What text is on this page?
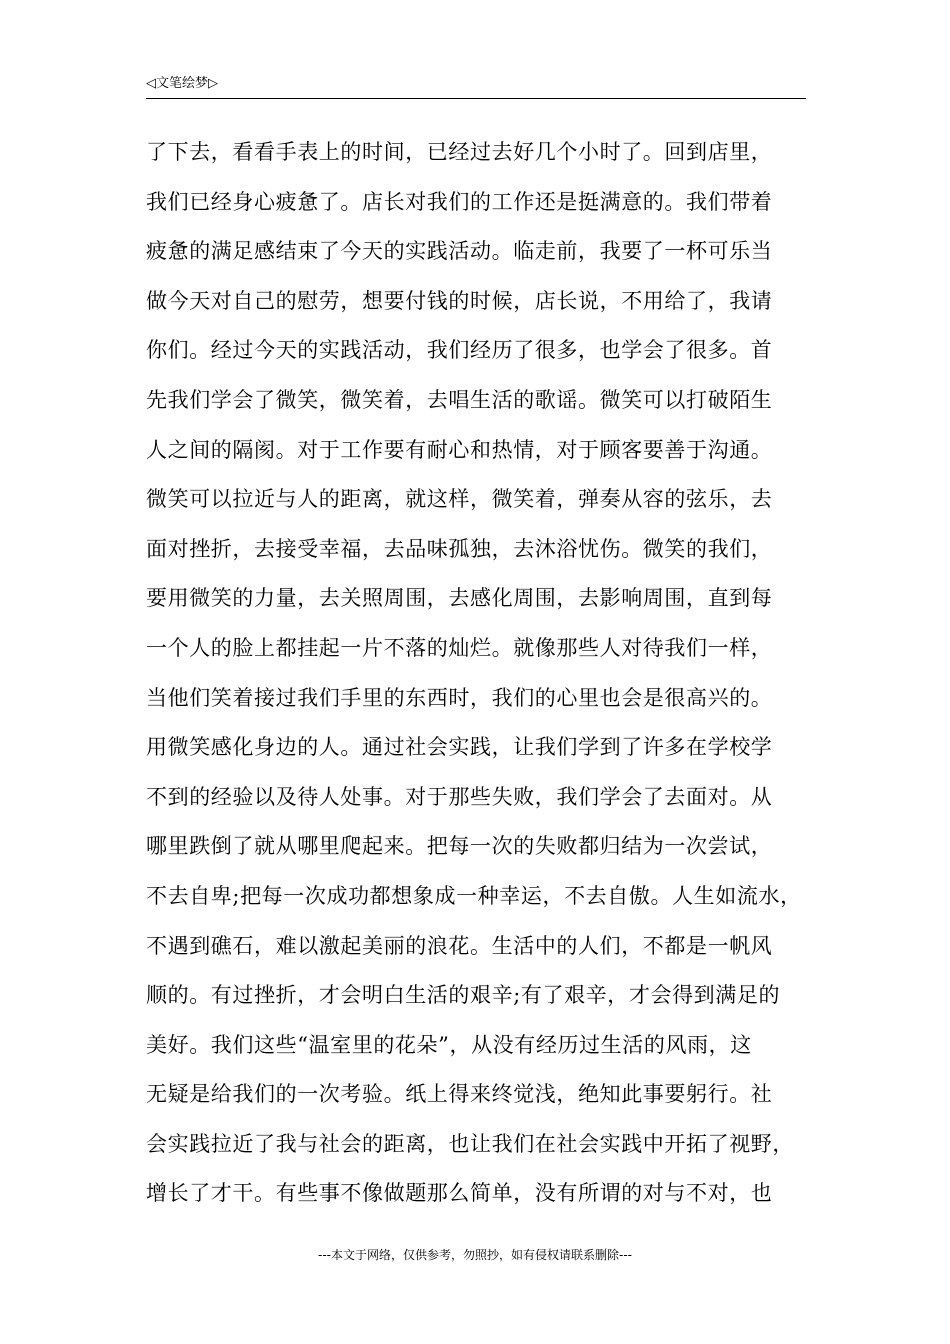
◁文笔绘梦▷
了下去，看看手表上的时间，已经过去好几个小时了。回到店里，
我们已经身心疲惫了。店长对我们的工作还是挺满意的。我们带着
疲惫的满足感结束了今天的实践活动。临走前，我要了一杯可乐当
做今天对自己的慰劳，想要付钱的时候，店长说，不用给了，我请
你们。经过今天的实践活动，我们经历了很多，也学会了很多。首
先我们学会了微笑，微笑着，去唱生活的歌谣。微笑可以打破陌生
人之间的隔阂。对于工作要有耐心和热情，对于顾客要善于沟通。
微笑可以拉近与人的距离，就这样，微笑着，弹奏从容的弦乐，去
面对挫折，去接受幸福，去品味孤独，去沐浴忧伤。微笑的我们，
要用微笑的力量，去关照周围，去感化周围，去影响周围，直到每
一个人的脸上都挂起一片不落的灿烂。就像那些人对待我们一样，
当他们笑着接过我们手里的东西时，我们的心里也会是很高兴的。
用微笑感化身边的人。通过社会实践，让我们学到了许多在学校学
不到的经验以及待人处事。对于那些失败，我们学会了去面对。从
哪里跌倒了就从哪里爬起来。把每一次的失败都归结为一次尝试，
不去自卑;把每一次成功都想象成一种幸运，不去自傲。人生如流水，
不遇到礁石，难以激起美丽的浪花。生活中的人们，不都是一帆风
顺的。有过挫折，才会明白生活的艰辛;有了艰辛，才会得到满足的
美好。我们这些“温室里的花朵”，从没有经历过生活的风雨，这
无疑是给我们的一次考验。纸上得来终觉浅，绝知此事要躬行。社
会实践拉近了我与社会的距离，也让我们在社会实践中开拓了视野，
增长了才干。有些事不像做题那么简单，没有所谓的对与不对，也
---本文于网络，仅供参考，勿照抄，如有侵权请联系删除---
